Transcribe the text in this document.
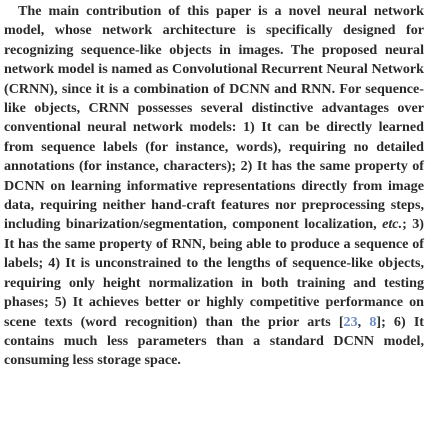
The main contribution of this paper is a novel neural network model, whose network architecture is specifically designed for recognizing sequence-like objects in images. The proposed neural network model is named as Convolutional Recurrent Neural Network (CRNN), since it is a combination of DCNN and RNN. For sequence-like objects, CRNN possesses several distinctive advantages over conventional neural network models: 1) It can be directly learned from sequence labels (for instance, words), requiring no detailed annotations (for instance, characters); 2) It has the same property of DCNN on learning informative representations directly from image data, requiring neither hand-craft features nor preprocessing steps, including binarization/segmentation, component localization, etc.; 3) It has the same property of RNN, being able to produce a sequence of labels; 4) It is unconstrained to the lengths of sequence-like objects, requiring only height normalization in both training and testing phases; 5) It achieves better or highly competitive performance on scene texts (word recognition) than the prior arts [23, 8]; 6) It contains much less parameters than a standard DCNN model, consuming less storage space.
